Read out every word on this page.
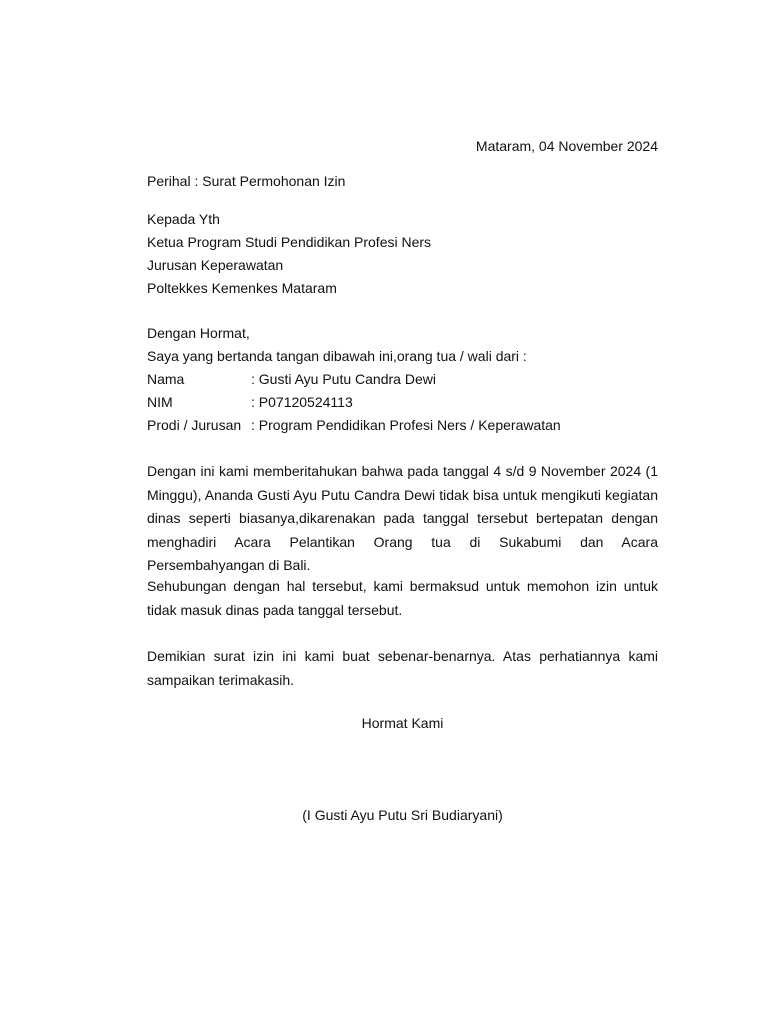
Mataram, 04 November 2024
Perihal : Surat Permohonan Izin
Kepada Yth
Ketua Program Studi Pendidikan Profesi Ners
Jurusan Keperawatan
Poltekkes Kemenkes Mataram
Dengan Hormat,
Saya yang bertanda tangan dibawah ini,orang tua / wali dari :
Nama	: Gusti Ayu Putu Candra Dewi
NIM	: P07120524113
Prodi / Jurusan : Program Pendidikan Profesi Ners / Keperawatan
Dengan ini kami memberitahukan bahwa pada tanggal 4 s/d 9 November 2024 (1 Minggu), Ananda Gusti Ayu Putu Candra Dewi tidak bisa untuk mengikuti kegiatan dinas seperti biasanya,dikarenakan pada tanggal tersebut bertepatan dengan menghadiri Acara Pelantikan Orang tua di Sukabumi dan Acara Persembahyangan di Bali.
Sehubungan dengan hal tersebut, kami bermaksud untuk memohon izin untuk tidak masuk dinas pada tanggal tersebut.
Demikian surat izin ini kami buat sebenar-benarnya. Atas perhatiannya kami sampaikan terimakasih.
Hormat Kami
(I Gusti Ayu Putu Sri Budiaryani)
